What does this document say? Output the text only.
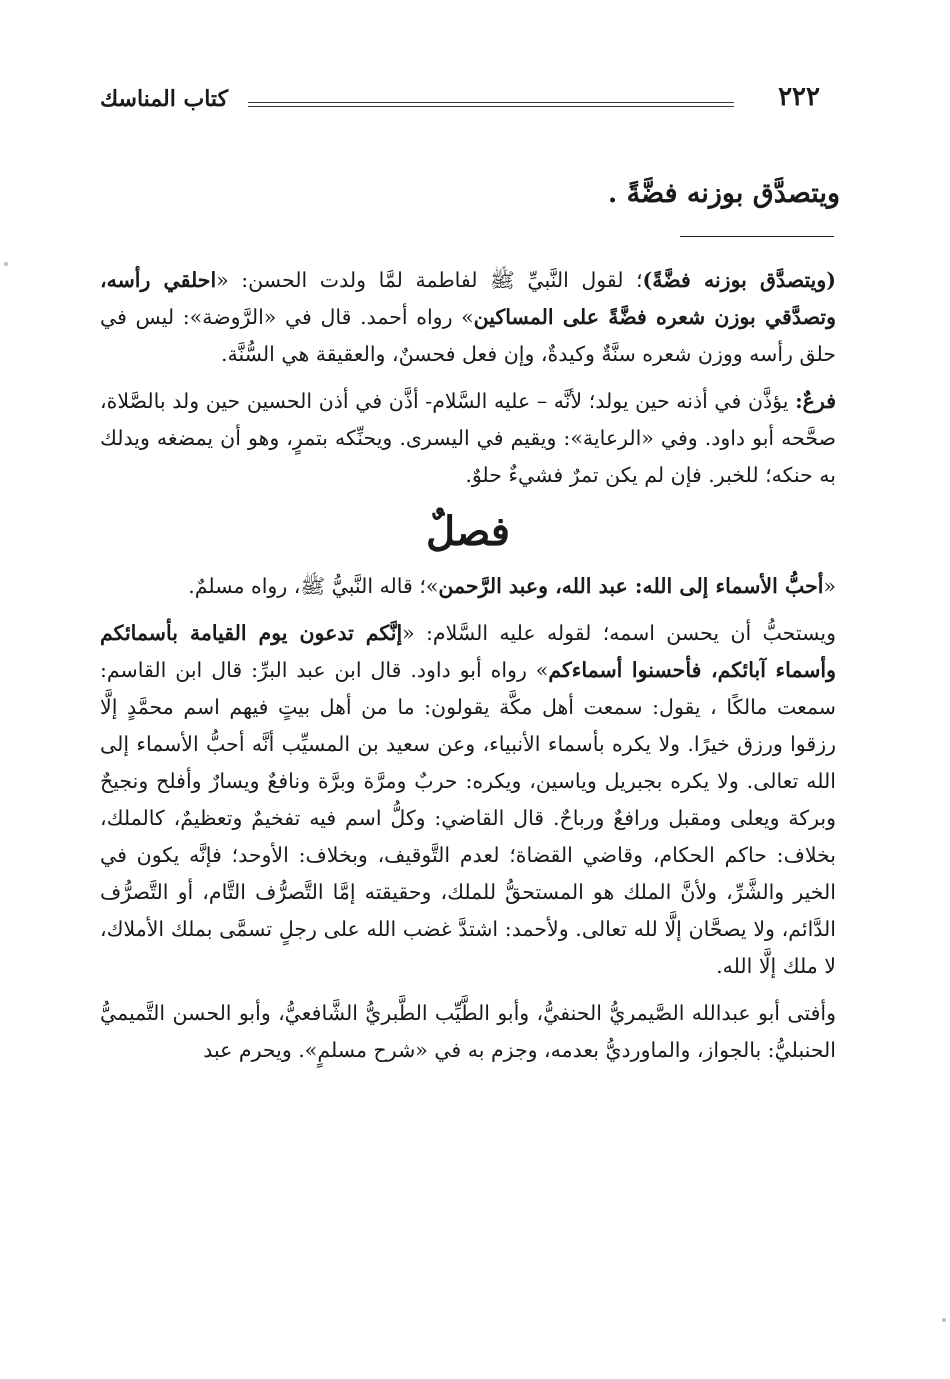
٢٢٢
كتاب المناسك
ويتصدَّق بوزنه فضَّةً .

(ويتصدَّق بوزنه فضَّةً)؛ لقول النَّبيِّ ﷺ لفاطمة لمَّا ولدت الحسن: «احلقي رأسه، وتصدَّقي بوزن شعره فضَّةً على المساكين» رواه أحمد. قال في «الرَّوضة»: ليس في حلق رأسه ووزن شعره سنَّةٌ وكيدةٌ، وإن فعل فحسنٌ، والعقيقة هي السُّنَّة.

فرعٌ: يؤذَّن في أذنه حين يولد؛ لأنَّه – عليه السَّلام- أذَّن في أذن الحسين حين ولد بالصَّلاة، صحَّحه أبو داود. وفي «الرعاية»: ويقيم في اليسرى. ويحنِّكه بتمرٍ، وهو أن يمضغه ويدلك به حنكه؛ للخبر. فإن لم يكن تمرٌ فشيءٌ حلوٌ.

فصلٌ

«أحبُّ الأسماء إلى الله: عبد الله، وعبد الرَّحمن»؛ قاله النَّبيُّ ﷺ، رواه مسلمٌ.

ويستحبُّ أن يحسن اسمه؛ لقوله عليه السَّلام: «إنَّكم تدعون يوم القيامة بأسمائكم وأسماء آبائكم، فأحسنوا أسماءكم» رواه أبو داود. قال ابن عبد البرِّ: قال ابن القاسم: سمعت مالكًا ، يقول: سمعت أهل مكَّة يقولون: ما من أهل بيتٍ فيهم اسم محمَّدٍ إلَّا رزقوا ورزق خيرًا. ولا يكره بأسماء الأنبياء، وعن سعيد بن المسيِّب أنَّه أحبُّ الأسماء إلى الله تعالى. ولا يكره بجبريل وياسين، ويكره: حربٌ ومرَّة وبرَّة ونافعٌ ويسارٌ وأفلح ونجيحٌ وبركة ويعلى ومقبل ورافعٌ ورباحٌ. قال القاضي: وكلُّ اسم فيه تفخيمٌ وتعظيمٌ، كالملك، بخلاف: حاكم الحكام، وقاضي القضاة؛ لعدم التَّوقيف، وبخلاف: الأوحد؛ فإنَّه يكون في الخير والشَّرِّ، ولأنَّ الملك هو المستحقُّ للملك، وحقيقته إمَّا التَّصرُّف التَّام، أو التَّصرُّف الدَّائم، ولا يصحَّان إلَّا لله تعالى. ولأحمد: اشتدَّ غضب الله على رجلٍ تسمَّى بملك الأملاك، لا ملك إلَّا الله.

وأفتى أبو عبدالله الصَّيمريُّ الحنفيُّ، وأبو الطَّيِّب الطَّبريُّ الشَّافعيُّ، وأبو الحسن التَّميميُّ الحنبليُّ: بالجواز، والماورديُّ بعدمه، وجزم به في «شرح مسلمٍ». ويحرم عبد
